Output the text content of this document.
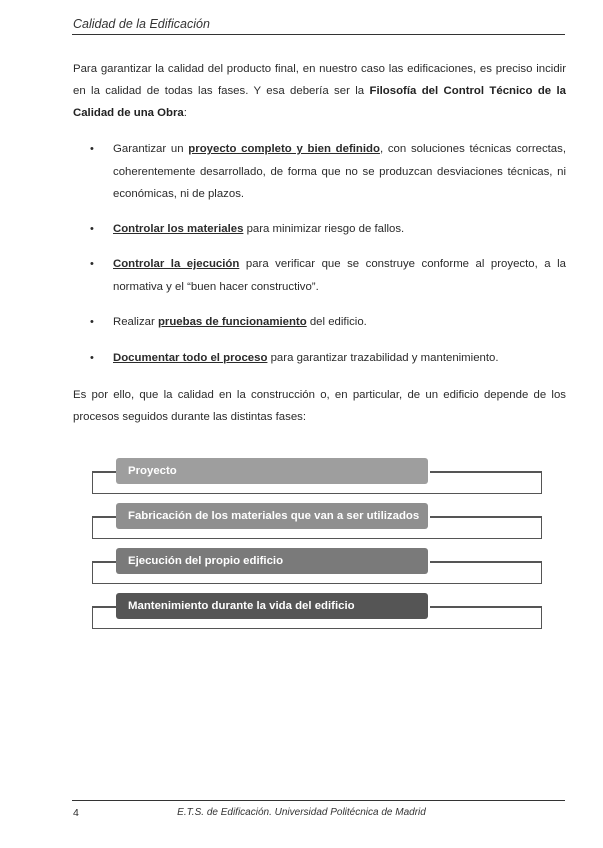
Calidad de la Edificación

Para garantizar la calidad del producto final, en nuestro caso las edificaciones, es preciso incidir en la calidad de todas las fases. Y esa debería ser la Filosofía del Control Técnico de la Calidad de una Obra:

• Garantizar un proyecto completo y bien definido, con soluciones técnicas correctas, coherentemente desarrollado, de forma que no se produzcan desviaciones técnicas, ni económicas, ni de plazos.
• Controlar los materiales para minimizar riesgo de fallos.
• Controlar la ejecución para verificar que se construye conforme al proyecto, a la normativa y el “buen hacer constructivo”.
• Realizar pruebas de funcionamiento del edificio.
• Documentar todo el proceso para garantizar trazabilidad y mantenimiento.

Es por ello, que la calidad en la construcción o, en particular, de un edificio depende de los procesos seguidos durante las distintas fases:

Proyecto
Fabricación de los materiales que van a ser utilizados
Ejecución del propio edificio
Mantenimiento durante la vida del edificio
4	E.T.S. de Edificación. Universidad Politécnica de Madrid
